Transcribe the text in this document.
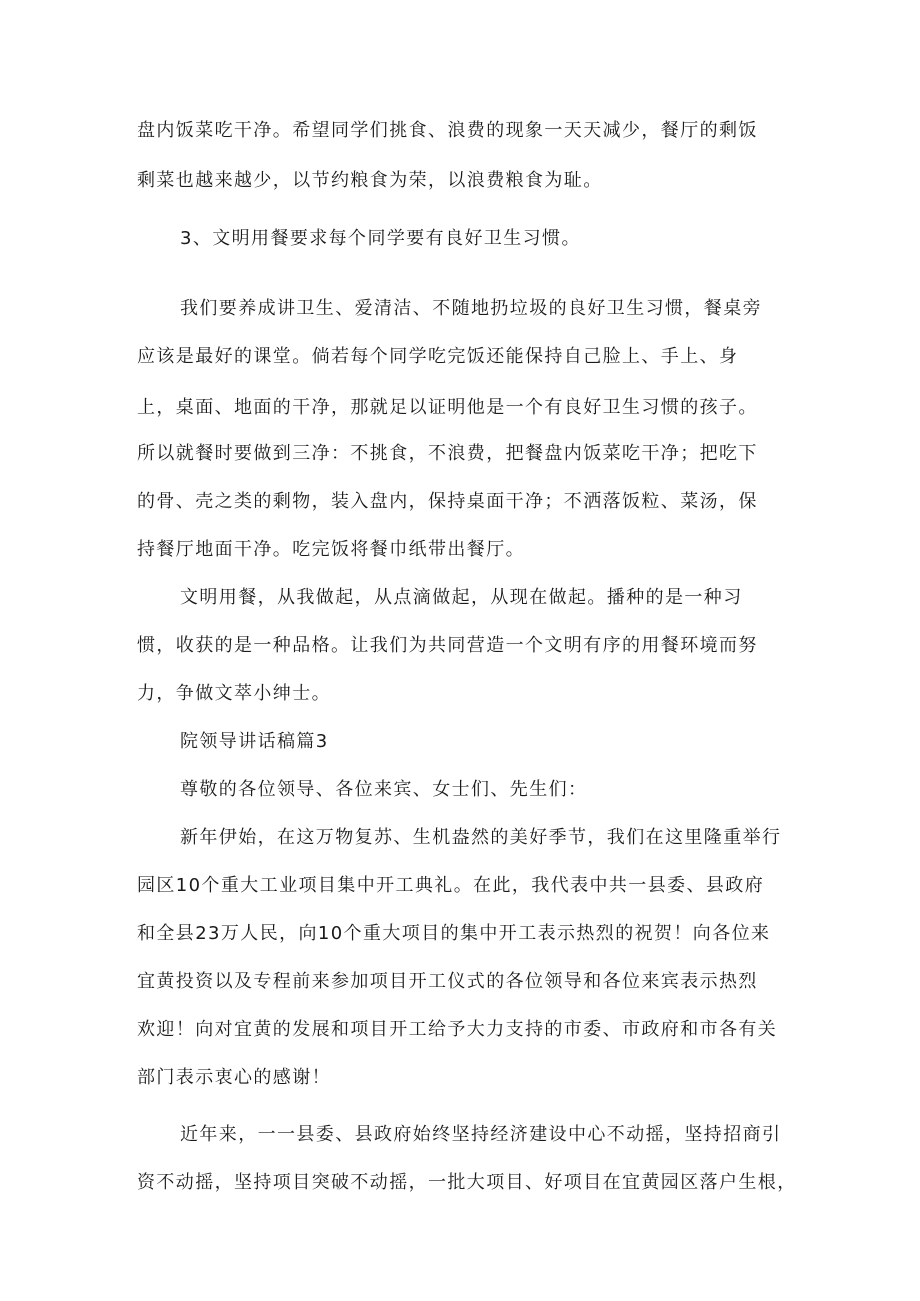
盘内饭菜吃干净。希望同学们挑食、浪费的现象一天天减少，餐厅的剩饭
剩菜也越来越少，以节约粮食为荣，以浪费粮食为耻。
3、文明用餐要求每个同学要有良好卫生习惯。
我们要养成讲卫生、爱清洁、不随地扔垃圾的良好卫生习惯，餐桌旁
应该是最好的课堂。倘若每个同学吃完饭还能保持自己脸上、手上、身
上，桌面、地面的干净，那就足以证明他是一个有良好卫生习惯的孩子。
所以就餐时要做到三净：不挑食，不浪费，把餐盘内饭菜吃干净；把吃下
的骨、壳之类的剩物，装入盘内，保持桌面干净；不洒落饭粒、菜汤，保
持餐厅地面干净。吃完饭将餐巾纸带出餐厅。
文明用餐，从我做起，从点滴做起，从现在做起。播种的是一种习
惯，收获的是一种品格。让我们为共同营造一个文明有序的用餐环境而努
力，争做文萃小绅士。
院领导讲话稿篇3
尊敬的各位领导、各位来宾、女士们、先生们：
新年伊始，在这万物复苏、生机盎然的美好季节，我们在这里隆重举行
园区10个重大工业项目集中开工典礼。在此，我代表中共一县委、县政府
和全县23万人民，向10个重大项目的集中开工表示热烈的祝贺！向各位来
宜黄投资以及专程前来参加项目开工仪式的各位领导和各位来宾表示热烈
欢迎！向对宜黄的发展和项目开工给予大力支持的市委、市政府和市各有关
部门表示衷心的感谢！
近年来，一一县委、县政府始终坚持经济建设中心不动摇，坚持招商引
资不动摇，坚持项目突破不动摇，一批大项目、好项目在宜黄园区落户生根，
